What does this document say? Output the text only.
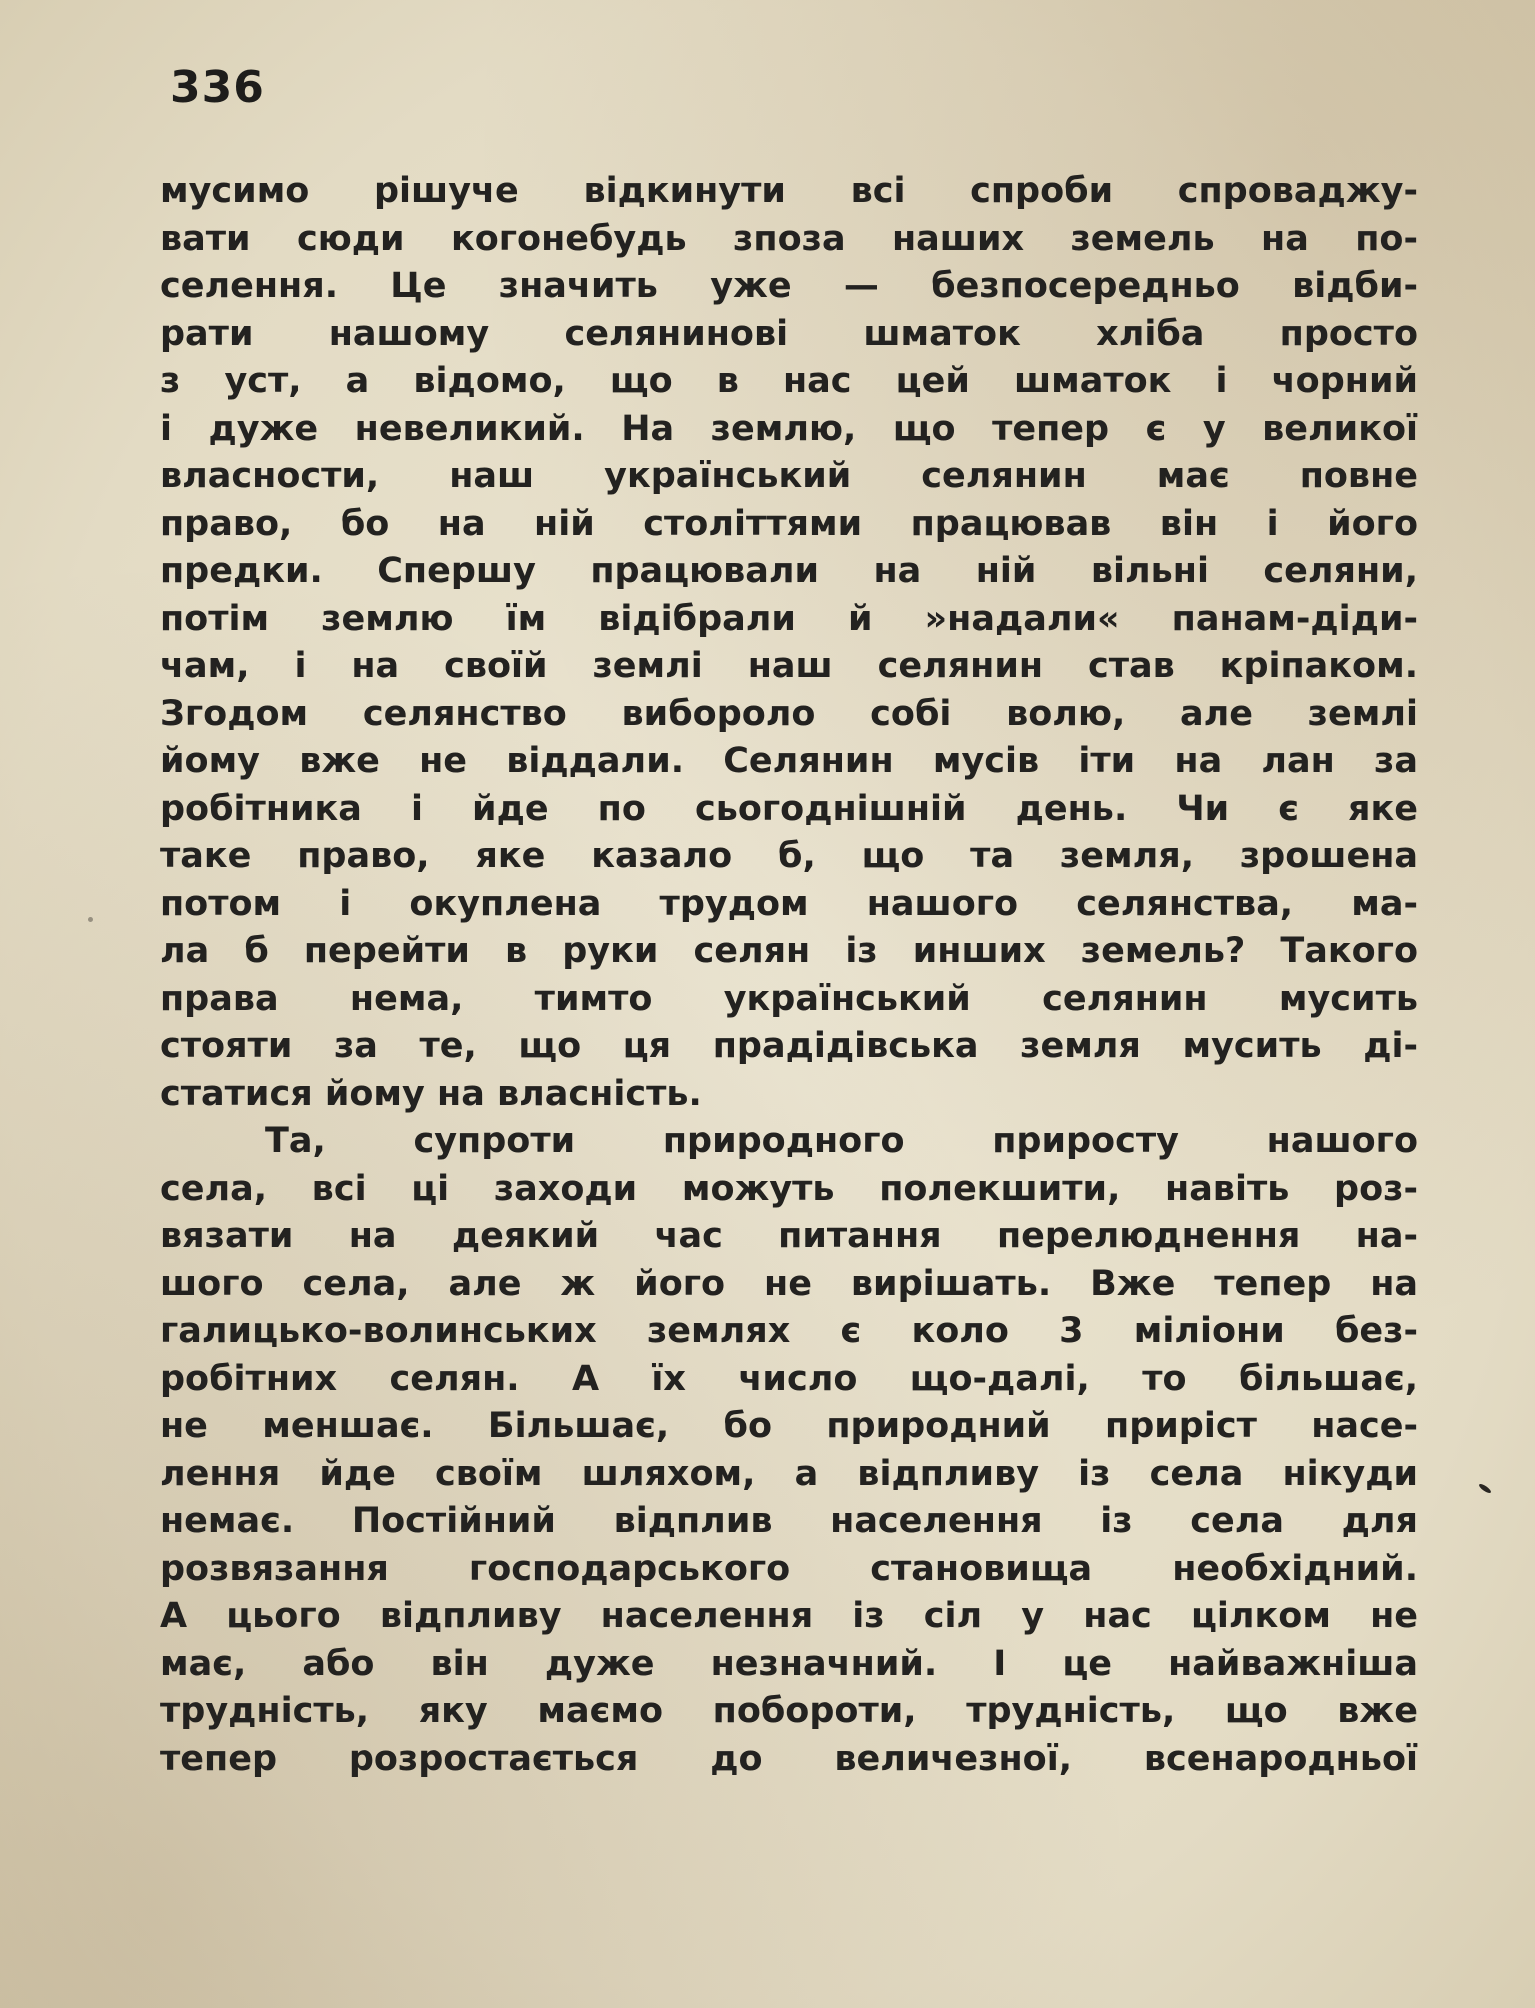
336

мусимо рішуче відкинути всі спроби спроваджу-
вати сюди когонебудь зпоза наших земель на по-
селення. Це значить уже — безпосередньо відби-
рати нашому селянинові шматок хліба просто
з уст, а відомо, що в нас цей шматок і чорний
і дуже невеликий. На землю, що тепер є у великої
власности, наш український селянин має повне
право, бо на ній століттями працював він і його
предки. Спершу працювали на ній вільні селяни,
потім землю їм відібрали й »надали« панам-діди-
чам, і на своїй землі наш селянин став кріпаком.
Згодом селянство вибороло собі волю, але землі
йому вже не віддали. Селянин мусів іти на лан за
робітника і йде по сьогоднішній день. Чи є яке
таке право, яке казало б, що та земля, зрошена
потом і окуплена трудом нашого селянства, ма-
ла б перейти в руки селян із инших земель? Такого
права нема, тимто український селянин мусить
стояти за те, що ця прадідівська земля мусить ді-
статися йому на власність.

Та, супроти природного приросту нашого
села, всі ці заходи можуть полекшити, навіть роз-
вязати на деякий час питання перелюднення на-
шого села, але ж його не вирішать. Вже тепер на
галицько-волинських землях є коло 3 мілiони без-
робітних селян. А їх число що-далі, то більшає,
не меншає. Більшає, бо природний приріст насе-
лення йде своїм шляхом, а відпливу із села нікуди
немає. Постійний відплив населення із села для
розвязання господарського становища необхідний.
А цього відпливу населення із сіл у нас цілком не
має, або він дуже незначний. І це найважніша
трудність, яку маємо побороти, трудність, що вже
тепер розростається до величезної, всенародньої
